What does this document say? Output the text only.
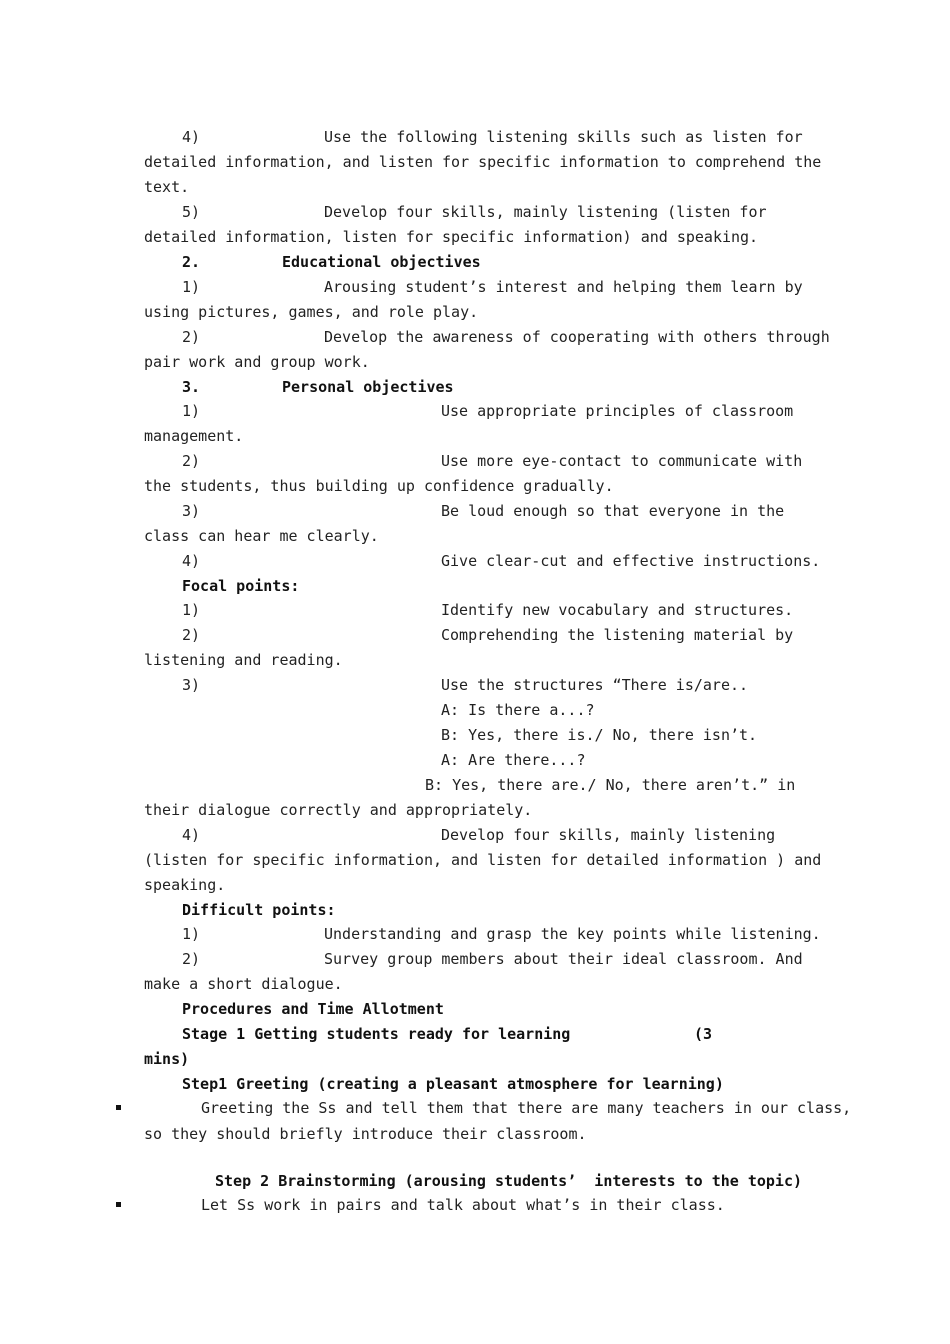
4)	Use the following listening skills such as listen for
detailed information, and listen for specific information to comprehend the
text.
5)	Develop four skills, mainly listening (listen for
detailed information, listen for specific information) and speaking.
2.	Educational objectives
1)	Arousing student’s interest and helping them learn by
using pictures, games, and role play.
2)	Develop the awareness of cooperating with others through
pair work and group work.
3.	Personal objectives
1)	Use appropriate principles of classroom
management.
2)	Use more eye-contact to communicate with
the students, thus building up confidence gradually.
3)	Be loud enough so that everyone in the
class can hear me clearly.
4)	Give clear-cut and effective instructions.
Focal points:
1)	Identify new vocabulary and structures.
2)	Comprehending the listening material by
listening and reading.
3)	Use the structures “There is/are..
A: Is there a...?
B: Yes, there is./ No, there isn’t.
A: Are there...?
B: Yes, there are./ No, there aren’t.” in
their dialogue correctly and appropriately.
4)	Develop four skills, mainly listening
(listen for specific information, and listen for detailed information ) and
speaking.
Difficult points:
1)	Understanding and grasp the key points while listening.
2)	Survey group members about their ideal classroom. And
make a short dialogue.
Procedures and Time Allotment
Stage 1 Getting students ready for learning	(3
mins)
Step1 Greeting (creating a pleasant atmosphere for learning)
Greeting the Ss and tell them that there are many teachers in our class,
so they should briefly introduce their classroom.
Step 2 Brainstorming (arousing students’  interests to the topic)
Let Ss work in pairs and talk about what’s in their class.
